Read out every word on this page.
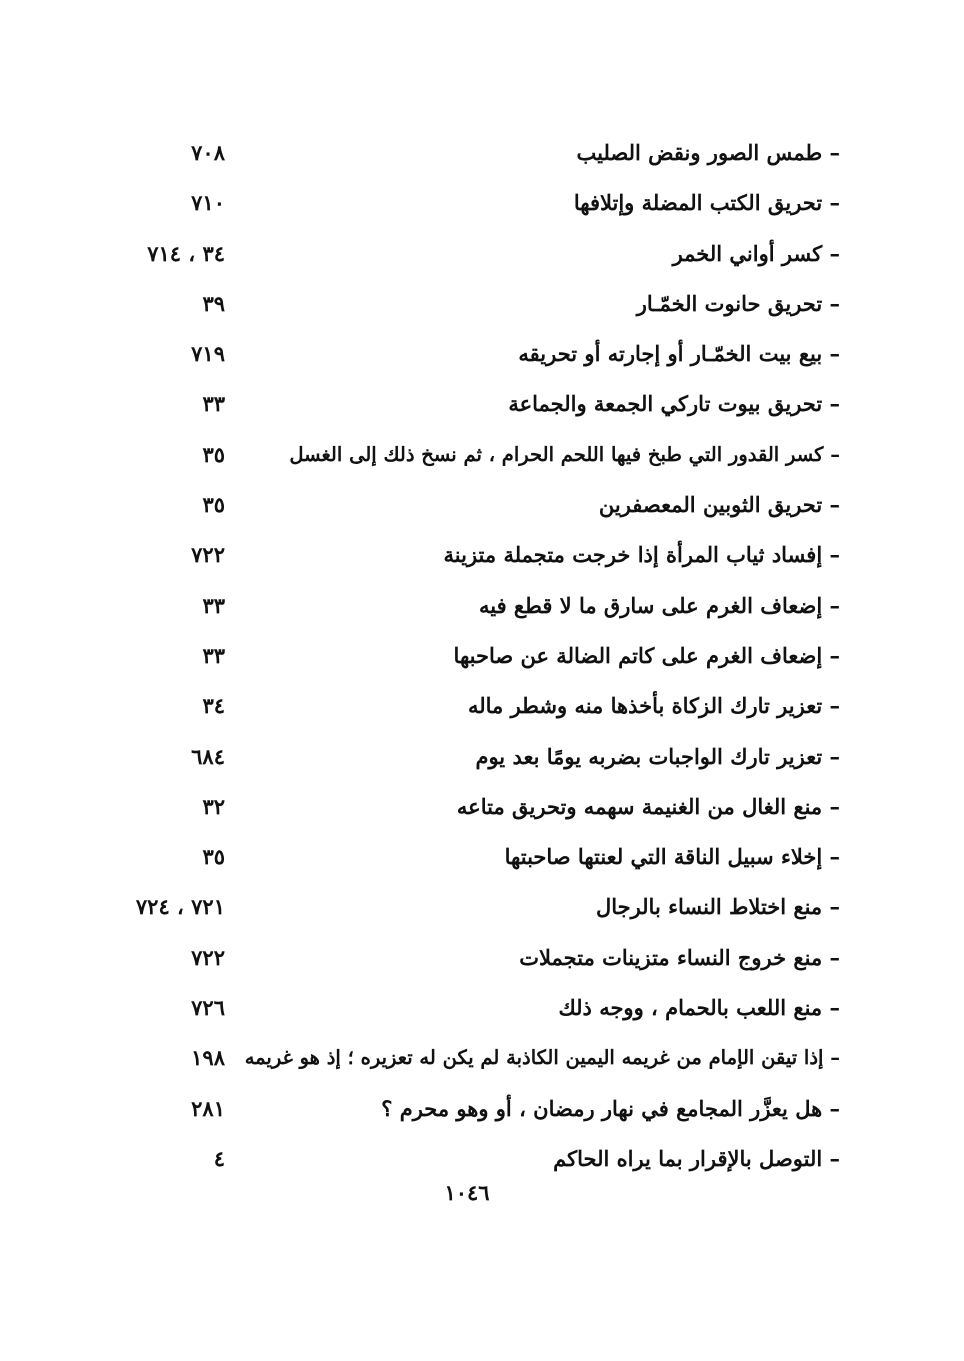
– طمس الصور ونقض الصليب
٧٠٨
– تحريق الكتب المضلة وإتلافها
٧١٠
– كسر أواني الخمر
٣٤ ، ٧١٤
– تحريق حانوت الخمّـار
٣٩
– بيع بيت الخمّـار أو إجارته أو تحريقه
٧١٩
– تحريق بيوت تاركي الجمعة والجماعة
٣٣
– كسر القدور التي طبخ فيها اللحم الحرام ، ثم نسخ ذلك إلى الغسل
٣٥
– تحريق الثوبين المعصفرين
٣٥
– إفساد ثياب المرأة إذا خرجت متجملة متزينة
٧٢٢
– إضعاف الغرم على سارق ما لا قطع فيه
٣٣
– إضعاف الغرم على كاتم الضالة عن صاحبها
٣٣
– تعزير تارك الزكاة بأخذها منه وشطر ماله
٣٤
– تعزير تارك الواجبات بضربه يومًا بعد يوم
٦٨٤
– منع الغال من الغنيمة سهمه وتحريق متاعه
٣٢
– إخلاء سبيل الناقة التي لعنتها صاحبتها
٣٥
– منع اختلاط النساء بالرجال
٧٢١ ، ٧٢٤
– منع خروج النساء متزينات متجملات
٧٢٢
– منع اللعب بالحمام ، ووجه ذلك
٧٢٦
– إذا تيقن الإمام من غريمه اليمين الكاذبة لم يكن له تعزيره ؛ إذ هو غريمه
١٩٨
– هل يعزَّر المجامع في نهار رمضان ، أو وهو محرم ؟
٢٨١
– التوصل بالإقرار بما يراه الحاكم
٤
١٠٤٦
